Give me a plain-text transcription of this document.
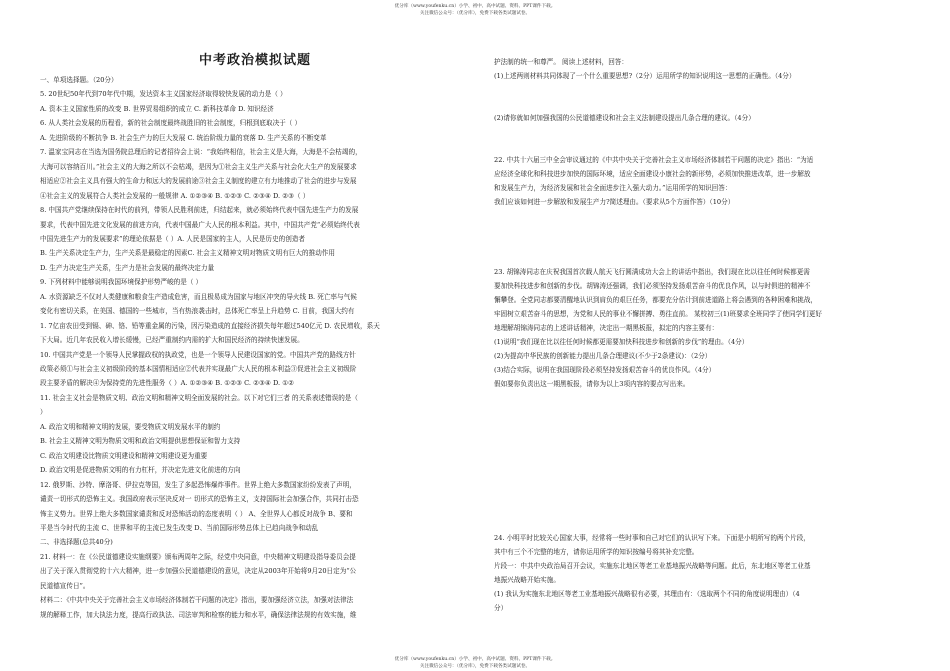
优分库（www.youfenku.cn）小学、初中、高中试题、资料、PPT课件下载。
关注微信公众号：（优分库），免费下载各类试题试卷。
中考政治模拟试题
一、单项选择题。（20分）
5. 20世纪50年代到70年代中期，发达资本主义国家经济取得较快发展的动力是（ ）
A. 资本主义国家性质的改变 B. 世界贸易组织的成立 C. 新科技革命 D. 知识经济
6. 从人类社会发展的历程看，新的社会制度最终战胜旧的社会制度，归根到底取决于（ ）
A. 先进阶级的不断抗争 B. 社会生产力的巨大发展 C. 统治阶级力量的衰落 D. 生产关系的不断变革
7. 温家宝同志在当选为国务院总理后的记者招待会上说：“我始终相信，社会主义是大海，大海是不会枯竭的，
大海可以容纳百川。”社会主义的大海之所以不会枯竭，是因为①社会主义生产关系与社会化大生产的发展要求
相适应②社会主义具有强大的生命力和远大的发展前途③社会主义制度的建立有力地推动了社会的进步与发展
④社会主义的发展符合人类社会发展的一般规律 A. ①②③④ B. ①②③ C. ②③④ D. ②③（ ）
8. 中国共产党继续保持在时代的前列，带领人民胜利前进，归结起来，就必须始终代表中国先进生产力的发展
要求，代表中国先进文化发展的前进方向，代表中国最广大人民的根本利益。其中，中国共产党“必须始终代表
中国先进生产力的发展要求”的理论依据是（ ）A. 人民是国家的主人，人民是历史的创造者
B. 生产关系决定生产力，生产关系是最稳定的因素C. 社会主义精神文明对物质文明有巨大的推动作用
D. 生产力决定生产关系，生产力是社会发展的最终决定力量
9. 下列材料中能够说明我国环境保护形势严峻的是（ ）
A. 水资源缺乏不仅对人类健康和粮食生产造成危害，而且极易成为国家与地区冲突的导火线 B. 死亡率与气候
变化有密切关系，在美国、德国的一些城市，当有热浪袭击时，总体死亡率呈上升趋势 C. 目前，我国大约有
1. 7亿亩农田受到镉、砷、铬、铅等重金属的污染，因污染造成的直接经济损失每年超过540亿元 D. 农民增收，系天
下大局。近几年农民收入增长缓慢，已经严重制约内需的扩大和国民经济的持续快速发展。
10. 中国共产党是一个领导人民掌握政权的执政党，也是一个领导人民建设国家的党。中国共产党的路线方针
政策必须①与社会主义初级阶段的基本国情相适应②代表并实现最广大人民的根本利益③促进社会主义初级阶
段主要矛盾的解决④为保持党的先进性服务（ ）A. ①②③④ B. ①②③ C. ②③④ D. ①②
11. 社会主义社会是物质文明、政治文明和精神文明全面发展的社会。以下对它们三者 的关系表述错误的是（
）
A. 政治文明和精神文明的发展，要受物质文明发展水平的制约
B. 社会主义精神文明为物质文明和政治文明提供思想保证和智力支持
C. 政治文明建设比物质文明建设和精神文明建设更为重要
D. 政治文明是促进物质文明的有力杠杆，并决定先进文化前进的方向
12. 俄罗斯、沙特、摩洛哥、伊拉克等国，发生了多起恐怖爆炸事件。世界上绝大多数国家纷纷发表了声明，
谴责一切形式的恐怖主义。我国政府表示坚决反对一 切形式的恐怖主义，支持国际社会加强合作，共同打击恐
怖主义势力。世界上绝大多数国家谴责和反对恐怖活动的态度表明（ ） A、全世界人心都反对战争 B、要和
平是当今时代的主流 C、世界和平的主流已发生改变 D、当前国际形势总体上已趋向战争和动乱
二、非选择题(总共40分)
21. 材料一：在《公民道德建设实施纲要》颁布两周年之际，经党中央同意，中央精神文明建设指导委员会提
出了关于深入贯彻党的十六大精神，进一步加强公民道德建设的意见，决定从2003年开始将9月20日定为“公
民道德宣传日”。
材料二：《中共中央关于完善社会主义市场经济体制若干问题的决定》指出，要加强经济立法，加强对法律法
规的解释工作，加大执法力度，提高行政执法、司法审判和检察的能力和水平，确保法律法规的有效实施，维
护法制的统一和尊严。 阅读上述材料，回答：
(1)上述两则材料共同体现了一个什么重要思想?（2分）运用所学的知识说明这一思想的正确性。（4分）
(2)请你就如何加强我国的公民道德建设和社会主义法制建设提出几条合理的建议。（4分）
22. 中共十六届三中全会审议通过的《中共中央关于完善社会主义市场经济体制若干问题的决定》指出：“为适
应经济全球化和科技进步加快的国际环境，适应全面建设小康社会的新形势，必须加快推进改革，进一步解放
和发展生产力，为经济发展和社会全面进步注入强大动力。”运用所学的知识回答：
我们应该如何进一步解放和发展生产力?简述理由。（要求从5个方面作答）（10分）
23. 胡锦涛同志在庆祝我国首次载人航天飞行圆满成功大会上的讲话中指出，我们现在比以往任何时候都更需
要加快科技进步和创新的步伐。胡锦涛还强调，我们必须坚持发扬艰苦奋斗的优良作风，以与时俱进的精神不
懈攀登。全党同志都要清醒地认识到肩负的艰巨任务，都要充分估计到前进道路上将会遇到的各种困难和挑战，
牢固树立艰苦奋斗的思想，为党和人民的事业不懈拼搏、勇往直前。 某校初三(1)班要求全班同学了使同学们更好
地理解胡锦涛同志的上述讲话精神，决定出一期黑板报，拟定的内容主要有：
(1)说明“我们现在比以往任何时候都更需要加快科技进步和创新的步伐”的理由。（4分）
(2)为提高中华民族的创新能力提出几条合理建议(不少于2条建议)：（2分）
(3)结合实际，说明在我国现阶段必须坚持发扬艰苦奋斗的优良作风。（4分）
假如要你负责出这一期黑板报，请你为以上3项内容的要点写出来。
24. 小明平时比较关心国家大事，经常将一些时事和自己对它们的认识写下来。下面是小明所写的两个片段，
其中有三个不完整的地方，请你运用所学的知识按编号将其补充完整。
片段一：中共中央政治局召开会议，实施东北地区等老工业基地振兴战略等问题。此后，东北地区等老工业基
地振兴战略开始实施。
(1) 我认为实施东北地区等老工业基地振兴战略很有必要，其理由有：（选取两个不同的角度说明理由）（4
分）
优分库（www.youfenku.cn）小学、初中、高中试题、资料、PPT课件下载。
关注微信公众号：（优分库），免费下载各类试题试卷。
